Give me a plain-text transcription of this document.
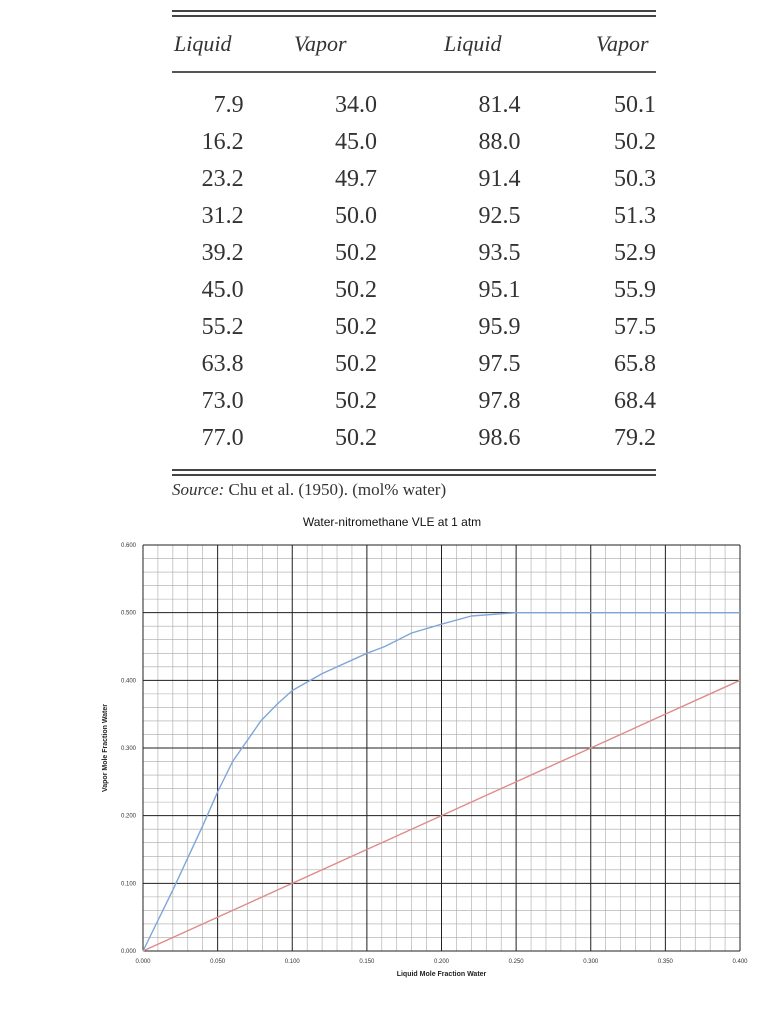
Liquid	Vapor	Liquid	Vapor
7.9	34.0	81.4	50.1
16.2	45.0	88.0	50.2
23.2	49.7	91.4	50.3
31.2	50.0	92.5	51.3
39.2	50.2	93.5	52.9
45.0	50.2	95.1	55.9
55.2	50.2	95.9	57.5
63.8	50.2	97.5	65.8
73.0	50.2	97.8	68.4
77.0	50.2	98.6	79.2
Source: Chu et al. (1950). (mol% water)
Water-nitromethane VLE at 1 atm
0.000	0.050	0.100	0.150	0.200	0.250	0.300	0.350	0.400
0.000
0.100
0.200
0.300
0.400
0.500
0.600
Liquid Mole Fraction Water
Vapor Mole Fraction Water
